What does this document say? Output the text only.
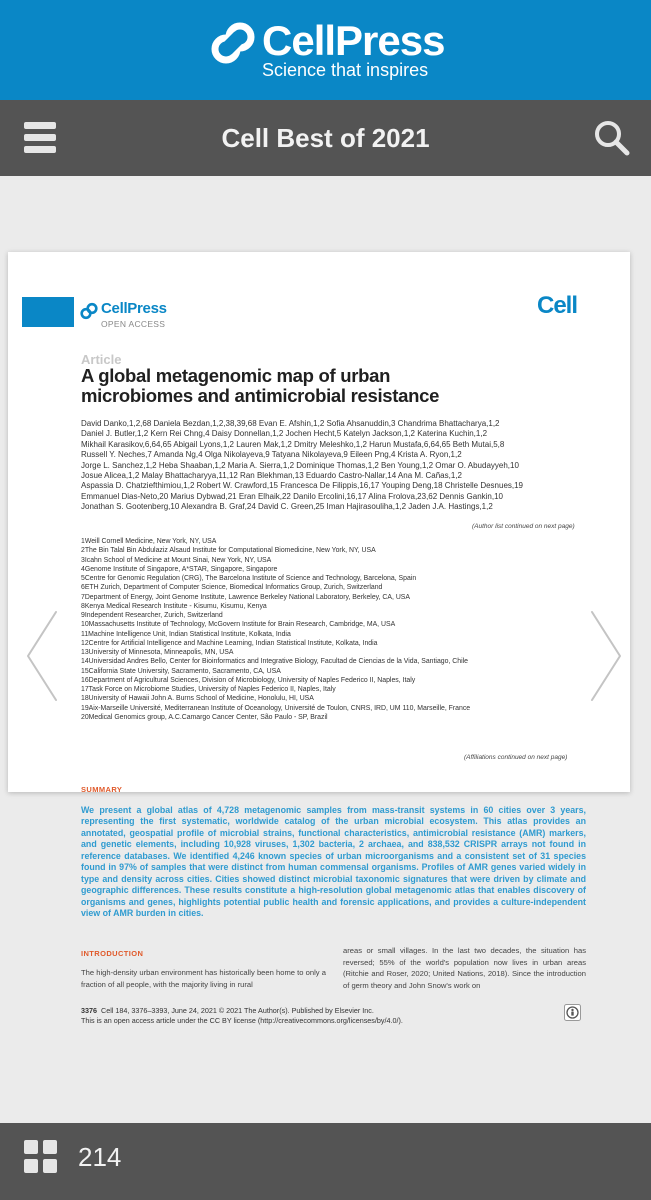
CellPress
Science that inspires
Cell Best of 2021
CellPress
OPEN ACCESS
Cell
Article
A global metagenomic map of urban
microbiomes and antimicrobial resistance
David Danko,1,2,68 Daniela Bezdan,1,2,38,39,68 Evan E. Afshin,1,2 Sofia Ahsanuddin,3 Chandrima Bhattacharya,1,2
Daniel J. Butler,1,2 Kern Rei Chng,4 Daisy Donnellan,1,2 Jochen Hecht,5 Katelyn Jackson,1,2 Katerina Kuchin,1,2
Mikhail Karasikov,6,64,65 Abigail Lyons,1,2 Lauren Mak,1,2 Dmitry Meleshko,1,2 Harun Mustafa,6,64,65 Beth Mutai,5,8
Russell Y. Neches,7 Amanda Ng,4 Olga Nikolayeva,9 Tatyana Nikolayeva,9 Eileen Png,4 Krista A. Ryon,1,2
Jorge L. Sanchez,1,2 Heba Shaaban,1,2 Maria A. Sierra,1,2 Dominique Thomas,1,2 Ben Young,1,2 Omar O. Abudayyeh,10
Josue Alicea,1,2 Malay Bhattacharyya,11,12 Ran Blekhman,13 Eduardo Castro-Nallar,14 Ana M. Cañas,1,2
Aspassia D. Chatziefthimiou,1,2 Robert W. Crawford,15 Francesca De Filippis,16,17 Youping Deng,18 Christelle Desnues,19
Emmanuel Dias-Neto,20 Marius Dybwad,21 Eran Elhaik,22 Danilo Ercolini,16,17 Alina Frolova,23,62 Dennis Gankin,10
Jonathan S. Gootenberg,10 Alexandra B. Graf,24 David C. Green,25 Iman Hajirasouliha,1,2 Jaden J.A. Hastings,1,2
(Author list continued on next page)
1Weill Cornell Medicine, New York, NY, USA
2The Bin Talal Bin Abdulaziz Alsaud Institute for Computational Biomedicine, New York, NY, USA
3Icahn School of Medicine at Mount Sinai, New York, NY, USA
4Genome Institute of Singapore, A*STAR, Singapore, Singapore
5Centre for Genomic Regulation (CRG), The Barcelona Institute of Science and Technology, Barcelona, Spain
6ETH Zurich, Department of Computer Science, Biomedical Informatics Group, Zurich, Switzerland
7Department of Energy, Joint Genome Institute, Lawrence Berkeley National Laboratory, Berkeley, CA, USA
8Kenya Medical Research Institute - Kisumu, Kisumu, Kenya
9Independent Researcher, Zurich, Switzerland
10Massachusetts Institute of Technology, McGovern Institute for Brain Research, Cambridge, MA, USA
11Machine Intelligence Unit, Indian Statistical Institute, Kolkata, India
12Centre for Artificial Intelligence and Machine Learning, Indian Statistical Institute, Kolkata, India
13University of Minnesota, Minneapolis, MN, USA
14Universidad Andres Bello, Center for Bioinformatics and Integrative Biology, Facultad de Ciencias de la Vida, Santiago, Chile
15California State University, Sacramento, Sacramento, CA, USA
16Department of Agricultural Sciences, Division of Microbiology, University of Naples Federico II, Naples, Italy
17Task Force on Microbiome Studies, University of Naples Federico II, Naples, Italy
18University of Hawaii John A. Burns School of Medicine, Honolulu, HI, USA
19Aix-Marseille Université, Mediterranean Institute of Oceanology, Université de Toulon, CNRS, IRD, UM 110, Marseille, France
20Medical Genomics group, A.C.Camargo Cancer Center, São Paulo - SP, Brazil
(Affiliations continued on next page)
SUMMARY
We present a global atlas of 4,728 metagenomic samples from mass-transit systems in 60 cities over 3 years, representing the first systematic, worldwide catalog of the urban microbial ecosystem. This atlas provides an annotated, geospatial profile of microbial strains, functional characteristics, antimicrobial resistance (AMR) markers, and genetic elements, including 10,928 viruses, 1,302 bacteria, 2 archaea, and 838,532 CRISPR arrays not found in reference databases. We identified 4,246 known species of urban microorganisms and a consistent set of 31 species found in 97% of samples that were distinct from human commensal organisms. Profiles of AMR genes varied widely in type and density across cities. Cities showed distinct microbial taxonomic signatures that were driven by climate and geographic differences. These results constitute a high-resolution global metagenomic atlas that enables discovery of organisms and genes, highlights potential public health and forensic applications, and provides a culture-independent view of AMR burden in cities.
INTRODUCTION
The high-density urban environment has historically been home to only a fraction of all people, with the majority living in rural
areas or small villages. In the last two decades, the situation has reversed; 55% of the world's population now lives in urban areas (Ritchie and Roser, 2020; United Nations, 2018). Since the introduction of germ theory and John Snow's work on
3376 Cell 184, 3376–3393, June 24, 2021 © 2021 The Author(s). Published by Elsevier Inc.
This is an open access article under the CC BY license (http://creativecommons.org/licenses/by/4.0/).
214
